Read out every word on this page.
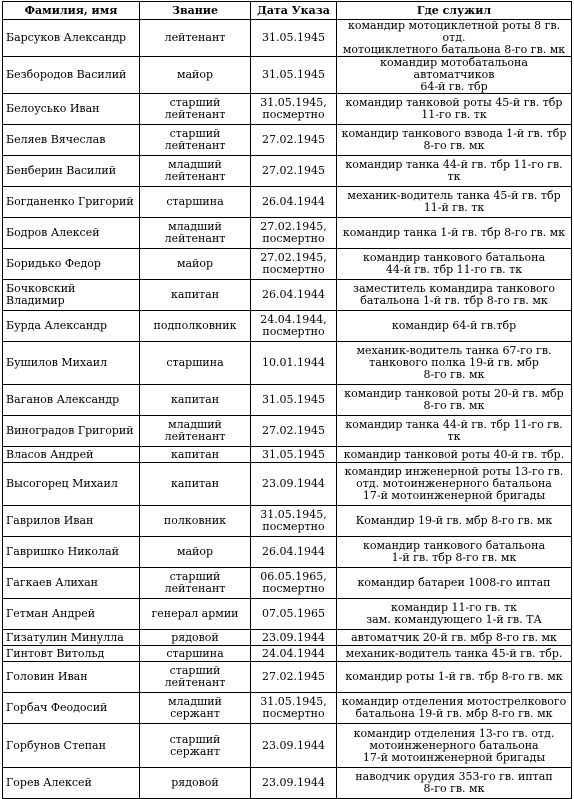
Фамилия, имя	Звание	Дата Указа	Где служил

Барсуков Александр	лейтенант	31.05.1945	командир мотоциклетной роты 8 гв. отд.
мотоциклетного батальона 8-го гв. мк

Безбородов Василий	майор	31.05.1945	командир мотобатальона автоматчиков
64-й гв. тбр

Белоусько Иван	старший
лейтенант	31.05.1945,
посмертно	командир танковой роты 45-й гв. тбр
11-го гв. тк

Беляев Вячеслав	старший
лейтенант	27.02.1945	командир танкового взвода 1-й гв. тбр
8-го гв. мк

Бенберин Василий	младший
лейтенант	27.02.1945	командир танка 44-й гв. тбр 11-го гв. тк

Богданенко Григорий	старшина	26.04.1944	механик-водитель танка 45-й гв. тбр
11-й гв. тк

Бодров Алексей	младший
лейтенант	27.02.1945,
посмертно	командир танка 1-й гв. тбр 8-го гв. мк

Боридько Федор	майор	27.02.1945,
посмертно	командир танкового батальона
44-й гв. тбр 11-го гв. тк

Бочковский Владимир	капитан	26.04.1944	заместитель командира танкового
батальона 1-й гв. тбр 8-го гв. мк

Бурда Александр	подполковник	24.04.1944,
посмертно	командир 64-й гв.тбр

Бушилов Михаил	старшина	10.01.1944	механик-водитель танка 67-го гв.
танкового полка 19-й гв. мбр
8-го гв. мк

Ваганов Александр	капитан	31.05.1945	командир танковой роты 20-й гв. мбр
8-го гв. мк

Виноградов Григорий	младший
лейтенант	27.02.1945	командир танка 44-й гв. тбр 11-го гв. тк

Власов Андрей	капитан	31.05.1945	командир танковой роты 40-й гв. тбр.

Высогорец Михаил	капитан	23.09.1944	командир инженерной роты 13-го гв.
отд. мотоинженерного батальона
17-й мотоинженерной бригады

Гаврилов Иван	полковник	31.05.1945,
посмертно	Командир 19-й гв. мбр 8-го гв. мк

Гавришко Николай	майор	26.04.1944	командир танкового батальона
1-й гв. тбр 8-го гв. мк

Гагкаев Алихан	старший
лейтенант	06.05.1965,
посмертно	командир батареи 1008-го иптап

Гетман Андрей	генерал армии	07.05.1965	командир 11-го гв. тк
зам. командующего 1-й гв. ТА

Гизатулин Минулла	рядовой	23.09.1944	автоматчик 20-й гв. мбр 8-го гв. мк

Гинтовт Витольд	старшина	24.04.1944	механик-водитель танка 45-й гв. тбр.

Головин Иван	старший
лейтенант	27.02.1945	командир роты 1-й гв. тбр 8-го гв. мк

Горбач Феодосий	младший
сержант	31.05.1945,
посмертно	командир отделения мотострелкового
батальона 19-й гв. мбр 8-го гв. мк

Горбунов Степан	старший
сержант	23.09.1944	командир отделения 13-го гв. отд.
мотоинженерного батальона
17-й мотоинженерной бригады

Горев Алексей	рядовой	23.09.1944	наводчик орудия 353-го гв. иптап
8-го гв. мк
